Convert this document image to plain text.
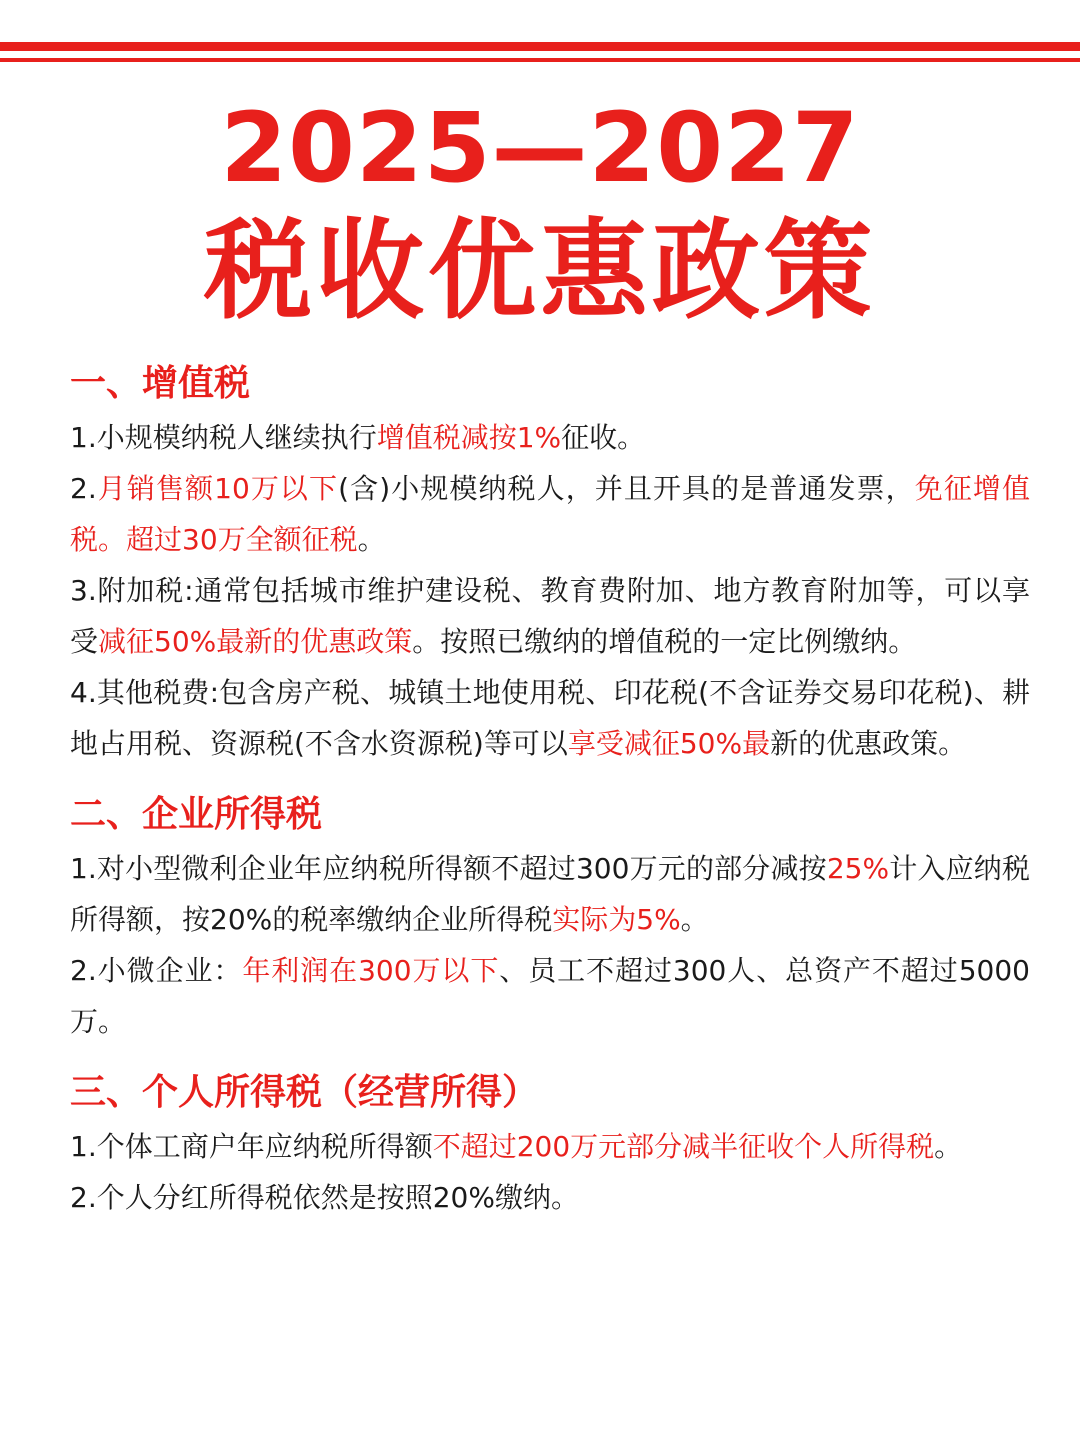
2025—2027
税收优惠政策
一、增值税

1.小规模纳税人继续执行增值税减按1%征收。

2.月销售额10万以下(含)小规模纳税人，并且开具的是普通发票，免征增值税。超过30万全额征税。

3.附加税:通常包括城市维护建设税、教育费附加、地方教育附加等，可以享受减征50%最新的优惠政策。按照已缴纳的增值税的一定比例缴纳。

4.其他税费:包含房产税、城镇土地使用税、印花税(不含证券交易印花税)、耕地占用税、资源税(不含水资源税)等可以享受减征50%最新的优惠政策。

二、企业所得税

1.对小型微利企业年应纳税所得额不超过300万元的部分减按25%计入应纳税所得额，按20%的税率缴纳企业所得税实际为5%。

2.小微企业：年利润在300万以下、员工不超过300人、总资产不超过5000万。

三、个人所得税（经营所得）

1.个体工商户年应纳税所得额不超过200万元部分减半征收个人所得税。

2.个人分红所得税依然是按照20%缴纳。
